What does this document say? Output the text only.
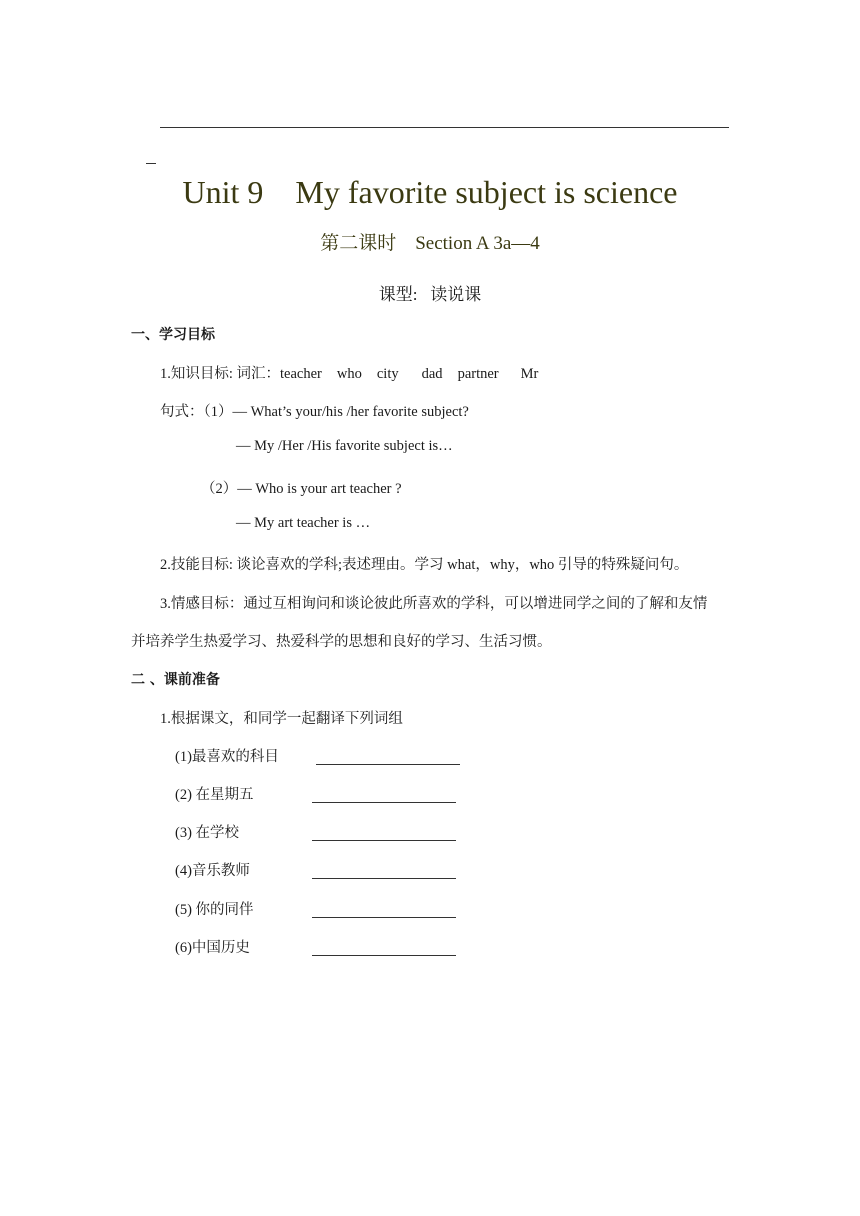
Unit 9    My favorite subject is science
第二课时    Section A 3a—4
课型:   读说课
一、学习目标
1.知识目标: 词汇：teacher who city dad partner Mr
句式：（1）— What’s your/his /her favorite subject?
— My /Her /His favorite subject is…
（2）— Who is your art teacher ?
— My art teacher is …
2.技能目标: 谈论喜欢的学科;表述理由。学习 what，why，who 引导的特殊疑问句。
3.情感目标：通过互相询问和谈论彼此所喜欢的学科，可以增进同学之间的了解和友情
并培养学生热爱学习、热爱科学的思想和良好的学习、生活习惯。
二 、课前准备
1.根据课文，和同学一起翻译下列词组
(1)最喜欢的科目
(2) 在星期五
(3) 在学校
(4)音乐教师
(5) 你的同伴
(6)中国历史
